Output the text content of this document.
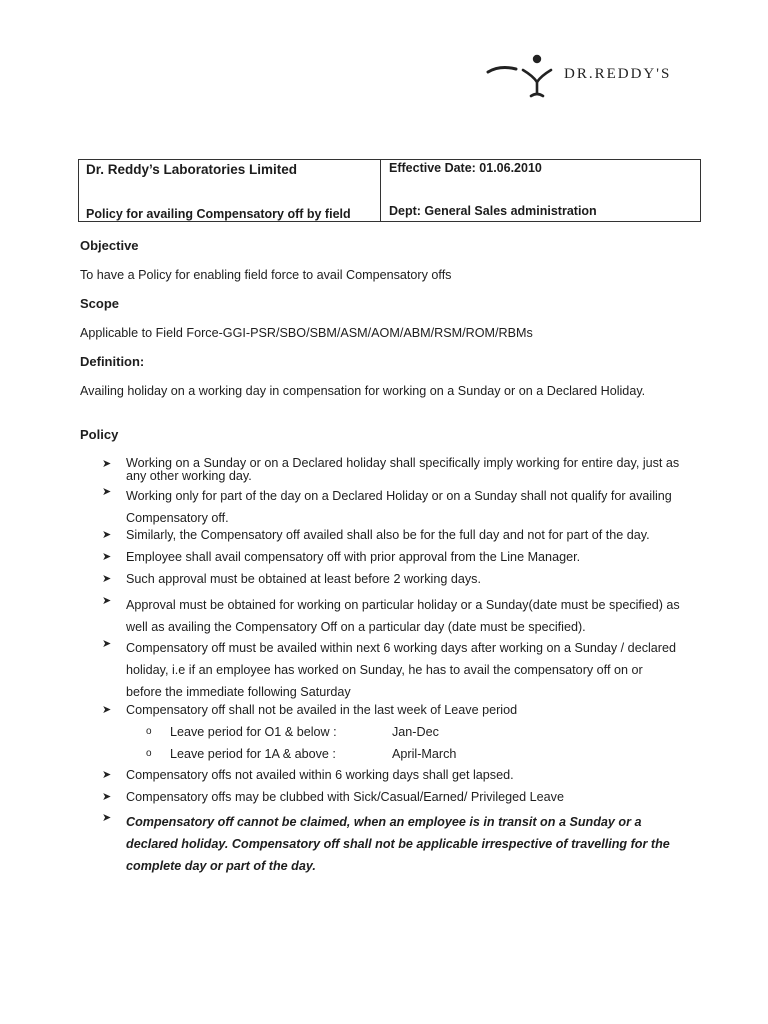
DR.REDDY'S
Dr. Reddy’s Laboratories Limited
Policy for availing Compensatory off by field
Effective Date: 01.06.2010
Dept: General Sales administration
Objective
To have a Policy for enabling field force to avail Compensatory offs
Scope
Applicable to Field Force-GGI-PSR/SBO/SBM/ASM/AOM/ABM/RSM/ROM/RBMs
Definition:
Availing holiday on a working day in compensation for working on a Sunday or on a Declared Holiday.
Policy
➤ Working on a Sunday or on a Declared holiday shall specifically imply working for entire day, just as
any other working day.
➤ Working only for part of the day on a Declared Holiday or on a Sunday shall not qualify for availing
Compensatory off.
➤ Similarly, the Compensatory off availed shall also be for the full day and not for part of the day.
➤ Employee shall avail compensatory off with prior approval from the Line Manager.
➤ Such approval must be obtained at least before 2 working days.
➤ Approval must be obtained for working on particular holiday or a Sunday(date must be specified) as
well as availing the Compensatory Off on a particular day (date must be specified).
➤ Compensatory off must be availed within next 6 working days after working on a Sunday / declared
holiday, i.e if an employee has worked on Sunday, he has to avail the compensatory off on or
before the immediate following Saturday
➤ Compensatory off shall not be availed in the last week of Leave period
o Leave period for O1 & below :	Jan-Dec
o Leave period for 1A & above :	April-March
➤ Compensatory offs not availed within 6 working days shall get lapsed.
➤ Compensatory offs may be clubbed with Sick/Casual/Earned/ Privileged Leave
➤ Compensatory off cannot be claimed, when an employee is in transit on a Sunday or a
declared holiday. Compensatory off shall not be applicable irrespective of travelling for the
complete day or part of the day.
